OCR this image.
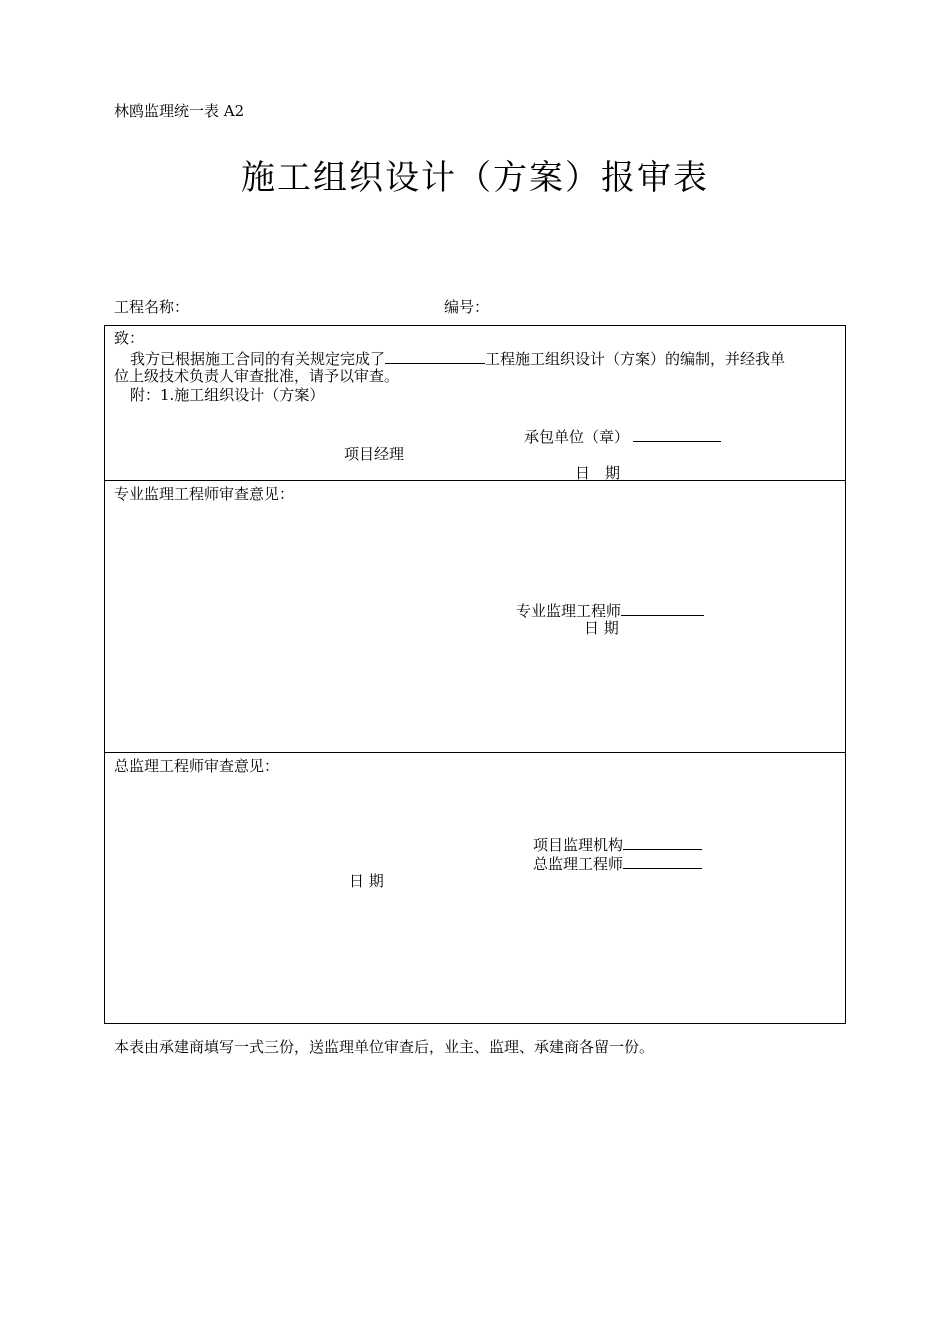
林鸥监理统一表 A2
施工组织设计（方案）报审表
工程名称：	编号：
致：
我方已根据施工合同的有关规定完成了	工程施工组织设计（方案）的编制，并经我单
位上级技术负责人审查批准，请予以审查。
附：1.施工组织设计（方案）
承包单位（章）
项目经理
日　期
专业监理工程师审查意见：
专业监理工程师
日 期
总监理工程师审查意见：
项目监理机构
总监理工程师
日 期
本表由承建商填写一式三份，送监理单位审查后，业主、监理、承建商各留一份。
